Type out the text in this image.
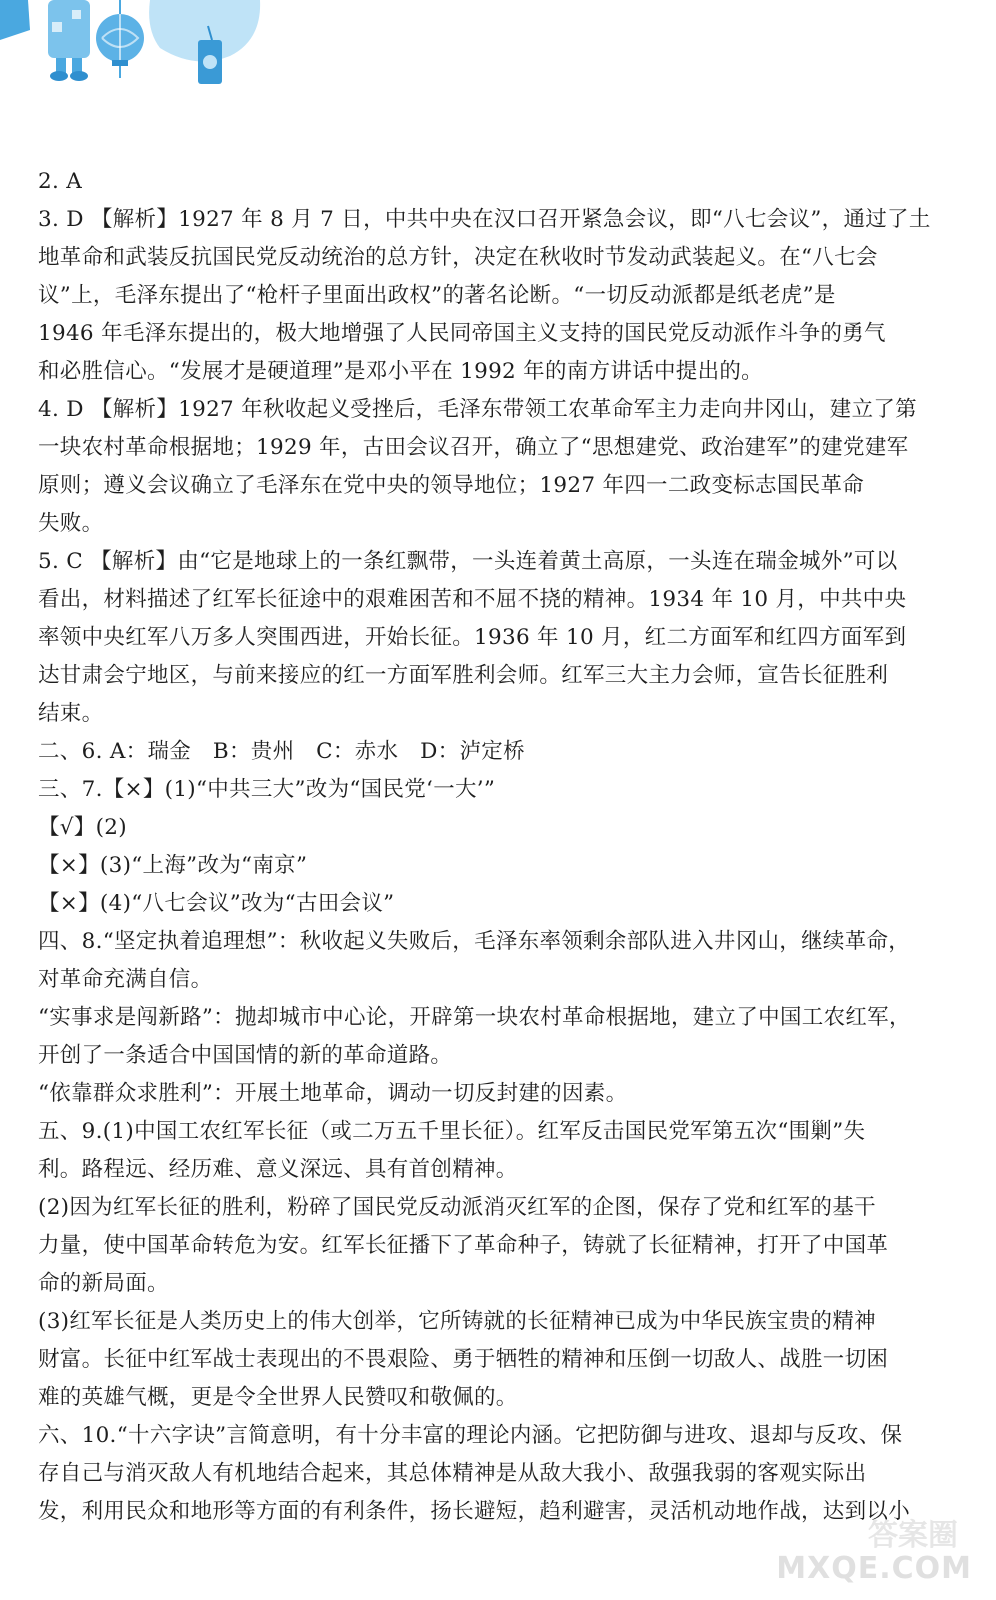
2. A
3. D 【解析】1927 年 8 月 7 日，中共中央在汉口召开紧急会议，即“八七会议”，通过了土
地革命和武装反抗国民党反动统治的总方针，决定在秋收时节发动武装起义。在“八七会
议”上，毛泽东提出了“枪杆子里面出政权”的著名论断。“一切反动派都是纸老虎”是
1946 年毛泽东提出的，极大地增强了人民同帝国主义支持的国民党反动派作斗争的勇气
和必胜信心。“发展才是硬道理”是邓小平在 1992 年的南方讲话中提出的。
4. D 【解析】1927 年秋收起义受挫后，毛泽东带领工农革命军主力走向井冈山，建立了第
一块农村革命根据地；1929 年，古田会议召开，确立了“思想建党、政治建军”的建党建军
原则；遵义会议确立了毛泽东在党中央的领导地位；1927 年四一二政变标志国民革命
失败。
5. C 【解析】由“它是地球上的一条红飘带，一头连着黄土高原，一头连在瑞金城外”可以
看出，材料描述了红军长征途中的艰难困苦和不屈不挠的精神。1934 年 10 月，中共中央
率领中央红军八万多人突围西进，开始长征。1936 年 10 月，红二方面军和红四方面军到
达甘肃会宁地区，与前来接应的红一方面军胜利会师。红军三大主力会师，宣告长征胜利
结束。
二、6. A：瑞金　B：贵州　C：赤水　D：泸定桥
三、7.【×】(1)“中共三大”改为“国民党‘一大’”
【√】(2)
【×】(3)“上海”改为“南京”
【×】(4)“八七会议”改为“古田会议”
四、8.“坚定执着追理想”：秋收起义失败后，毛泽东率领剩余部队进入井冈山，继续革命，
对革命充满自信。
“实事求是闯新路”：抛却城市中心论，开辟第一块农村革命根据地，建立了中国工农红军，
开创了一条适合中国国情的新的革命道路。
“依靠群众求胜利”：开展土地革命，调动一切反封建的因素。
五、9.(1)中国工农红军长征（或二万五千里长征）。红军反击国民党军第五次“围剿”失
利。路程远、经历难、意义深远、具有首创精神。
(2)因为红军长征的胜利，粉碎了国民党反动派消灭红军的企图，保存了党和红军的基干
力量，使中国革命转危为安。红军长征播下了革命种子，铸就了长征精神，打开了中国革
命的新局面。
(3)红军长征是人类历史上的伟大创举，它所铸就的长征精神已成为中华民族宝贵的精神
财富。长征中红军战士表现出的不畏艰险、勇于牺牲的精神和压倒一切敌人、战胜一切困
难的英雄气概，更是令全世界人民赞叹和敬佩的。
六、10.“十六字诀”言简意明，有十分丰富的理论内涵。它把防御与进攻、退却与反攻、保
存自己与消灭敌人有机地结合起来，其总体精神是从敌大我小、敌强我弱的客观实际出
发，利用民众和地形等方面的有利条件，扬长避短，趋利避害，灵活机动地作战，达到以小
答案圈
MXQE.COM
